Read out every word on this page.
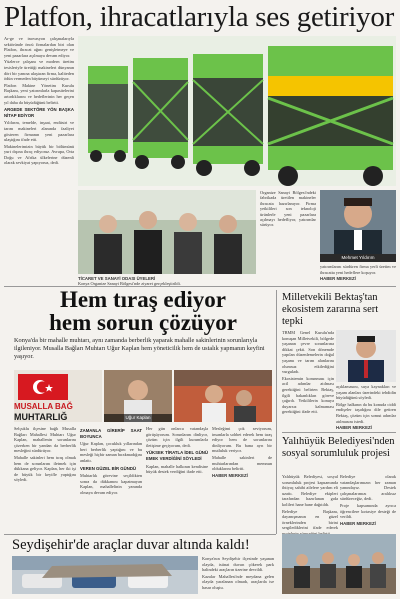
Platfon, ihracatlarıyla ses getiriyor

Ar-ge ve inovasyon çalışmalarıyla sektöründe öncü firmalardan biri olan Platfon, ihracat ağını genişletmeye ve yeni pazarlara açılmaya devam ediyor.

Yüzlerce çalışanı ve modern üretim tesisleriyle ürettiği makineleri dünyanın dört bir yanına ulaştıran firma, kaliteden ödün vermeden büyümeyi sürdürüyor.

Platfon Makine Yönetim Kurulu Başkanı, yeni yatırımlarla kapasitelerini artırdıklarını ve hedeflerinin her geçen yıl daha da büyüdüğünü belirtti.

ARGEDE SEKTÖRE YÖN BAŞKA NİTAP EDİYOR

Yıldırım, temelde, inşaat, endüstri ve tarım makineleri alanında faaliyet gösteren firmanın yeni pazarlara ulaştığını ifade etti.

Makinelerimizin büyük bir bölümünü yurt dışına ihraç ediyoruz. Avrupa, Orta Doğu ve Afrika ülkelerine düzenli olarak sevkiyat yapıyoruz, dedi.

TİCARET VE SANAYİ ODASI ÜYELERİ
Konya Organize Sanayi Bölgesi'nde ziyaret gerçekleştirildi.
Organize Sanayi Bölgesi'ndeki fabrikada üretilen makineler ihracata hazırlanıyor. Firma yetkilileri son teknoloji ürünlerle yeni pazarlara açılmayı hedefliyor, yatırımlar sürüyor.
Mehmet Yıldırım

yatırımlarını sürdüren firma yerli üretim ve ihracatta yeni hedeflere koşuyor.

HABER MERKEZİ

Hem tıraş ediyor
hem sorun çözüyor
Konya'da bir mahalle muhtarı, aynı zamanda berberlik yaparak mahalle sakinlerinin sorunlarıyla ilgileniyor. Musalla Bağları Muhtarı Uğur Kaplan hem yöneticilik hem de ustalık yapmanın keyfini yaşıyor.
MUSALLA BAĞ
MUHTARLIĞ	Uğur Kaplan

Selçuklu ilçesine bağlı Musalla Bağları Mahallesi Muhtarı Uğur Kaplan, mahallenin sorunlarını çözerken bir yandan da berberlik mesleğini sürdürüyor.

Mahalle sakinleri hem tıraş olmak hem de sorunlarını iletmek için dükkana geliyor. Kaplan, her iki işi de büyük bir keyifle yaptığını söyledi.

ZAMANLA GİRERİP SAAT BOYUNCA

Uğur Kaplan, çocukluk yıllarından beri berberlik yaptığını ve bu mesleği hiçbir zaman bırakmadığını anlattı.

VEREN GÜZEL BİR GÜNDÜ

Muhtarlık görevine seçildikten sonra da dükkanını kapatmayan Kaplan, mahallelinin yanında olmaya devam ediyor.

Her gün onlarca vatandaşla görüşüyorum. Sorunlarını dinliyor, çözüm için ilgili kurumlarla iletişime geçiyorum, dedi.

YÜKSEK TİRATLA İDEL GÜNÜ EMEK VERDİĞİNİ SÖYLEDİ

Kaplan, mahalle halkının kendisine büyük destek verdiğini ifade etti.

Mesleğimi çok seviyorum, insanlarla sohbet ederek hem tıraş ediyor hem de sorunlarını dinliyorum. Bu bana ayrı bir mutluluk veriyor.

Mahalle sakinleri de muhtarlarından memnun olduklarını belirtti.

HABER MERKEZİ

Milletvekili Bektaş'tan ekosistem zararına sert tepki

TBMM Genel Kurulu'nda konuşan Milletvekili, bölgede yaşanan çevre sorunlarına dikkat çekti. Son dönemde yapılan düzenlemelerin doğal yaşamı ve tarım alanlarını olumsuz etkilediğini vurguladı.

Ekosistemin korunması için acil adımlar atılması gerektiğini belirten Bektaş, ilgili bakanlıkları göreve çağırdı. Yetkililerin konuya duyarsız kalmaması gerektiğini ifade etti.

açıklamasını, suya kaynakları ve yaşam alanları üzerindeki tehdidin büyüdüğünü söyledi.

Bölge halkının da bu konuda ciddi endişeler taşıdığını dile getiren Bektaş, çözüm için somut adımlar atılmasını istedi.

HABER MERKEZİ

Yalıhüyük Belediyesi'nden sosyal sorumluluk projesi

Yalıhüyük Belediyesi, sosyal sorumluluk projesi kapsamında ihtiyaç sahibi ailelere yardım eli uzattı. Belediye ekipleri tarafından hazırlanan gıda kolileri hane hane dağıtıldı.

Belediye Başkanı, dayanışmanın en güzel örneklerinden birini sergilediklerini ifade ederek

Belediye olarak vatandaşlarımızın her zaman yanındayız. Destek çalışmalarımızı aralıksız sürdüreceğiz, dedi.

Proje kapsamında ayrıca öğrencilere kırtasiye desteği de verildi.

HABER MERKEZİ

Seydişehir'de araçlar duvar altında kaldı!

Konya'nın Seydişehir ilçesinde yaşanan olayda, istinat duvarı çökerek park halindeki araçların üzerine devrildi.

Kazalar Mahallesi'nde meydana gelen olayda yaralanan olmadı, araçlarda ise hasar oluştu.
